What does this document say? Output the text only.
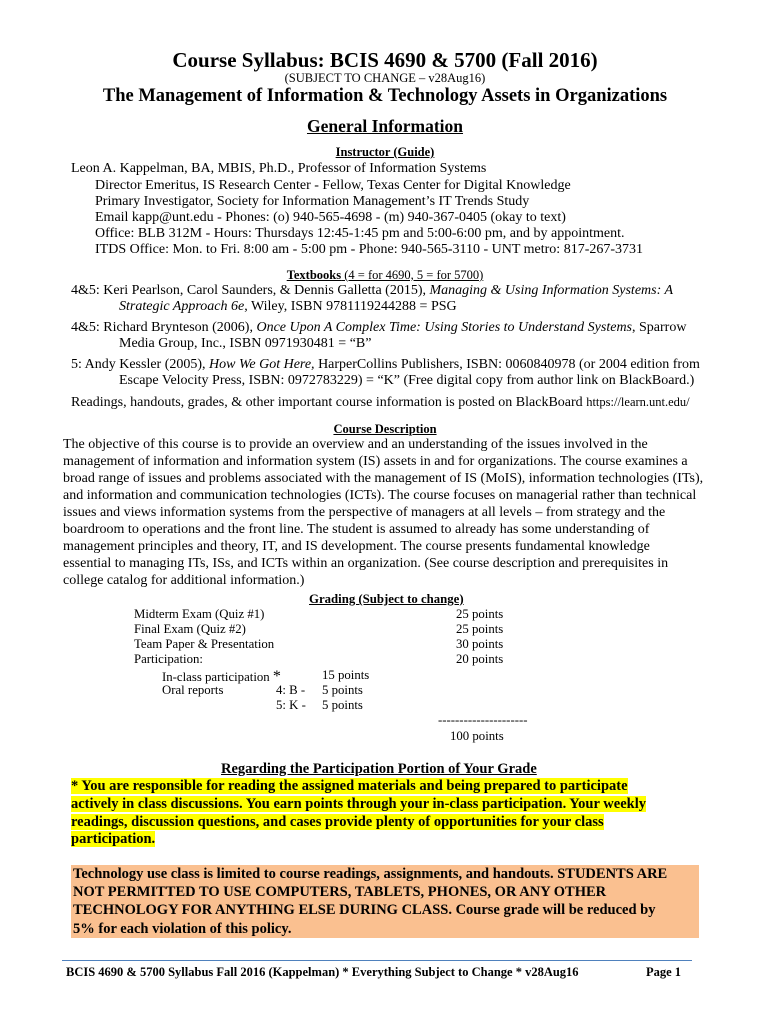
Course Syllabus: BCIS 4690 & 5700 (Fall 2016)
(SUBJECT TO CHANGE – v28Aug16)
The Management of Information & Technology Assets in Organizations
General Information
Instructor (Guide)
Leon A. Kappelman, BA, MBIS, Ph.D., Professor of Information Systems
Director Emeritus, IS Research Center - Fellow, Texas Center for Digital Knowledge
Primary Investigator, Society for Information Management’s IT Trends Study
Email kapp@unt.edu - Phones: (o) 940-565-4698 - (m) 940-367-0405 (okay to text)
Office: BLB 312M - Hours: Thursdays 12:45-1:45 pm and 5:00-6:00 pm, and by appointment.
ITDS Office: Mon. to Fri. 8:00 am - 5:00 pm - Phone: 940-565-3110 - UNT metro: 817-267-3731
Textbooks (4 = for 4690, 5 = for 5700)
4&5: Keri Pearlson, Carol Saunders, & Dennis Galletta (2015), Managing & Using Information Systems: A
Strategic Approach 6e, Wiley, ISBN 9781119244288 = PSG
4&5: Richard Brynteson (2006), Once Upon A Complex Time: Using Stories to Understand Systems, Sparrow
Media Group, Inc., ISBN 0971930481 = “B”
5: Andy Kessler (2005), How We Got Here, HarperCollins Publishers, ISBN: 0060840978 (or 2004 edition from
Escape Velocity Press, ISBN: 0972783229) = “K” (Free digital copy from author link on BlackBoard.)
Readings, handouts, grades, & other important course information is posted on BlackBoard https://learn.unt.edu/
Course Description
The objective of this course is to provide an overview and an understanding of the issues involved in the
management of information and information system (IS) assets in and for organizations. The course examines a
broad range of issues and problems associated with the management of IS (MoIS), information technologies (ITs),
and information and communication technologies (ICTs). The course focuses on managerial rather than technical
issues and views information systems from the perspective of managers at all levels – from strategy and the
boardroom to operations and the front line. The student is assumed to already has some understanding of
management principles and theory, IT, and IS development. The course presents fundamental knowledge
essential to managing ITs, ISs, and ICTs within an organization. (See course description and prerequisites in
college catalog for additional information.)
Grading (Subject to change)
Midterm Exam (Quiz #1)	25 points
Final Exam (Quiz #2)	25 points
Team Paper & Presentation	30 points
Participation:	20 points
In-class participation *	15 points
Oral reports	4: B - 5 points
5: K - 5 points
---------------------
100 points
Regarding the Participation Portion of Your Grade
* You are responsible for reading the assigned materials and being prepared to participate
actively in class discussions. You earn points through your in-class participation. Your weekly
readings, discussion questions, and cases provide plenty of opportunities for your class
participation.
Technology use class is limited to course readings, assignments, and handouts. STUDENTS ARE
NOT PERMITTED TO USE COMPUTERS, TABLETS, PHONES, OR ANY OTHER
TECHNOLOGY FOR ANYTHING ELSE DURING CLASS. Course grade will be reduced by
5% for each violation of this policy.
BCIS 4690 & 5700 Syllabus Fall 2016 (Kappelman) * Everything Subject to Change * v28Aug16	Page 1
